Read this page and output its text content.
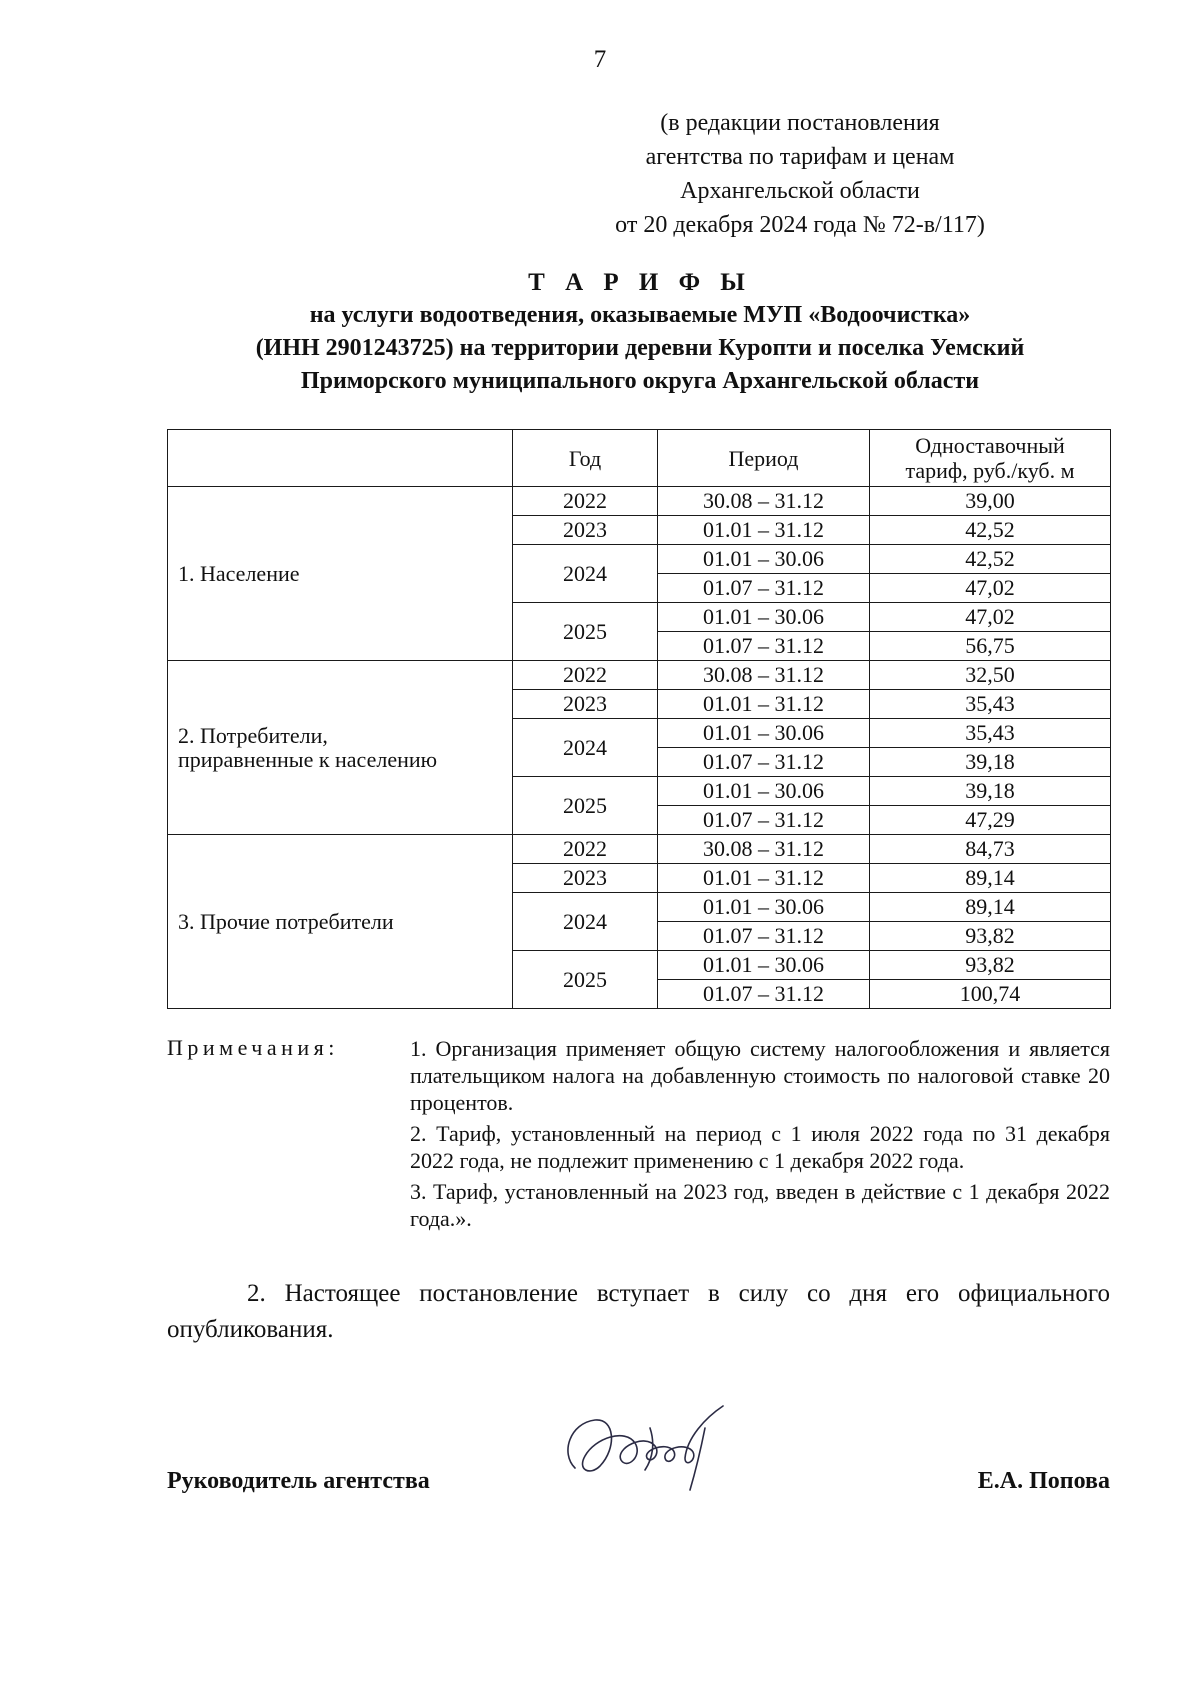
7
(в редакции постановления
агентства по тарифам и ценам
Архангельской области
от 20 декабря 2024 года № 72-в/117)
Т А Р И Ф Ы
на услуги водоотведения, оказываемые МУП «Водоочистка»
(ИНН 2901243725) на территории деревни Куропти и поселка Уемский
Приморского муниципального округа Архангельской области
	Год	Период	Одноставочный
тариф, руб./куб. м

1. Население	2022	30.08 – 31.12	39,00
	2023	01.01 – 31.12	42,52
	2024	01.01 – 30.06	42,52
		01.07 – 31.12	47,02
	2025	01.01 – 30.06	47,02
		01.07 – 31.12	56,75

2. Потребители,
приравненные к населению	2022	30.08 – 31.12	32,50
	2023	01.01 – 31.12	35,43
	2024	01.01 – 30.06	35,43
		01.07 – 31.12	39,18
	2025	01.01 – 30.06	39,18
		01.07 – 31.12	47,29

3. Прочие потребители	2022	30.08 – 31.12	84,73
	2023	01.01 – 31.12	89,14
	2024	01.01 – 30.06	89,14
		01.07 – 31.12	93,82
	2025	01.01 – 30.06	93,82
		01.07 – 31.12	100,74
Примечания:	1. Организация применяет общую систему налогообложения и является плательщиком налога на добавленную стоимость по налоговой ставке 20 процентов.

2. Тариф, установленный на период с 1 июля 2022 года по 31 декабря 2022 года, не подлежит применению с 1 декабря 2022 года.

3. Тариф, установленный на 2023 год, введен в действие с 1 декабря 2022 года.».

2. Настоящее постановление вступает в силу со дня его официального опубликования.
Руководитель агентства	Е.А. Попова
